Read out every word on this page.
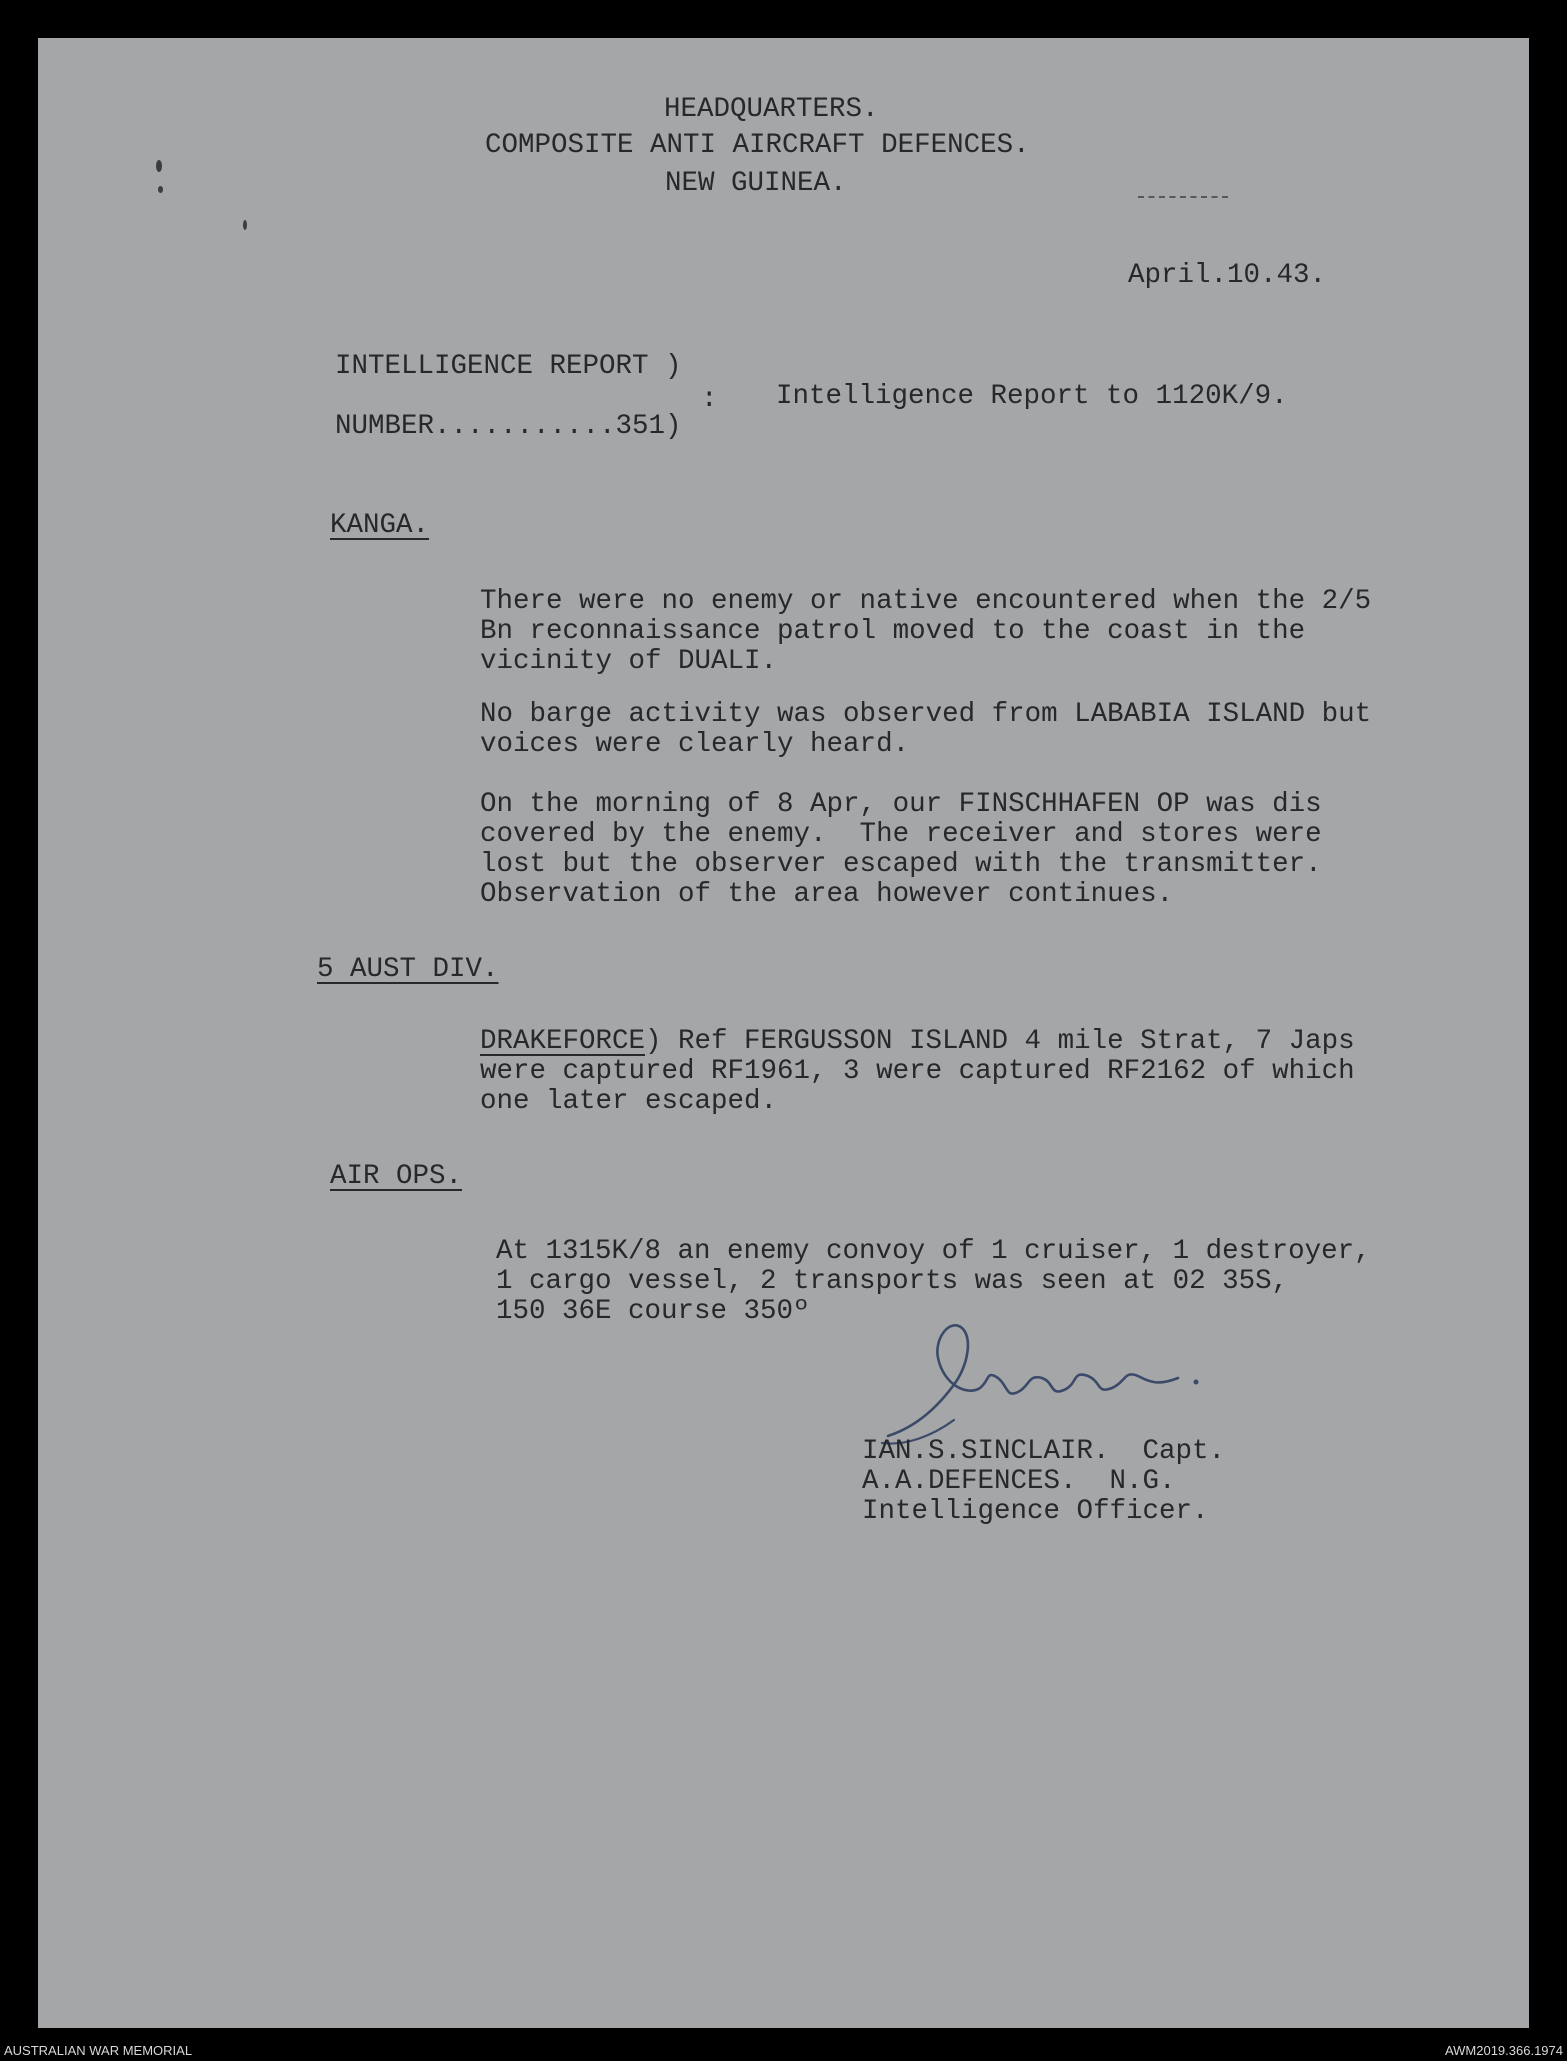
HEADQUARTERS.
COMPOSITE ANTI AIRCRAFT DEFENCES.
NEW GUINEA.
April.10.43.
INTELLIGENCE REPORT )
: Intelligence Report to 1120K/9.
NUMBER...........351)
KANGA.
There were no enemy or native encountered when the 2/5
Bn reconnaissance patrol moved to the coast in the
vicinity of DUALI.
No barge activity was observed from LABABIA ISLAND but
voices were clearly heard.
On the morning of 8 Apr, our FINSCHHAFEN OP was dis
covered by the enemy.  The receiver and stores were
lost but the observer escaped with the transmitter.
Observation of the area however continues.
5 AUST DIV.
DRAKEFORCE ) Ref FERGUSSON ISLAND 4 mile Strat, 7 Japs
were captured RF1961, 3 were captured RF2162 of which
one later escaped.
AIR OPS.
At 1315K/8 an enemy convoy of 1 cruiser, 1 destroyer,
1 cargo vessel, 2 transports was seen at 02 35S,
150 36E course 350º
IAN.S.SINCLAIR.  Capt.
A.A.DEFENCES.  N.G.
Intelligence Officer.
AUSTRALIAN WAR MEMORIAL	AWM2019.366.1974
